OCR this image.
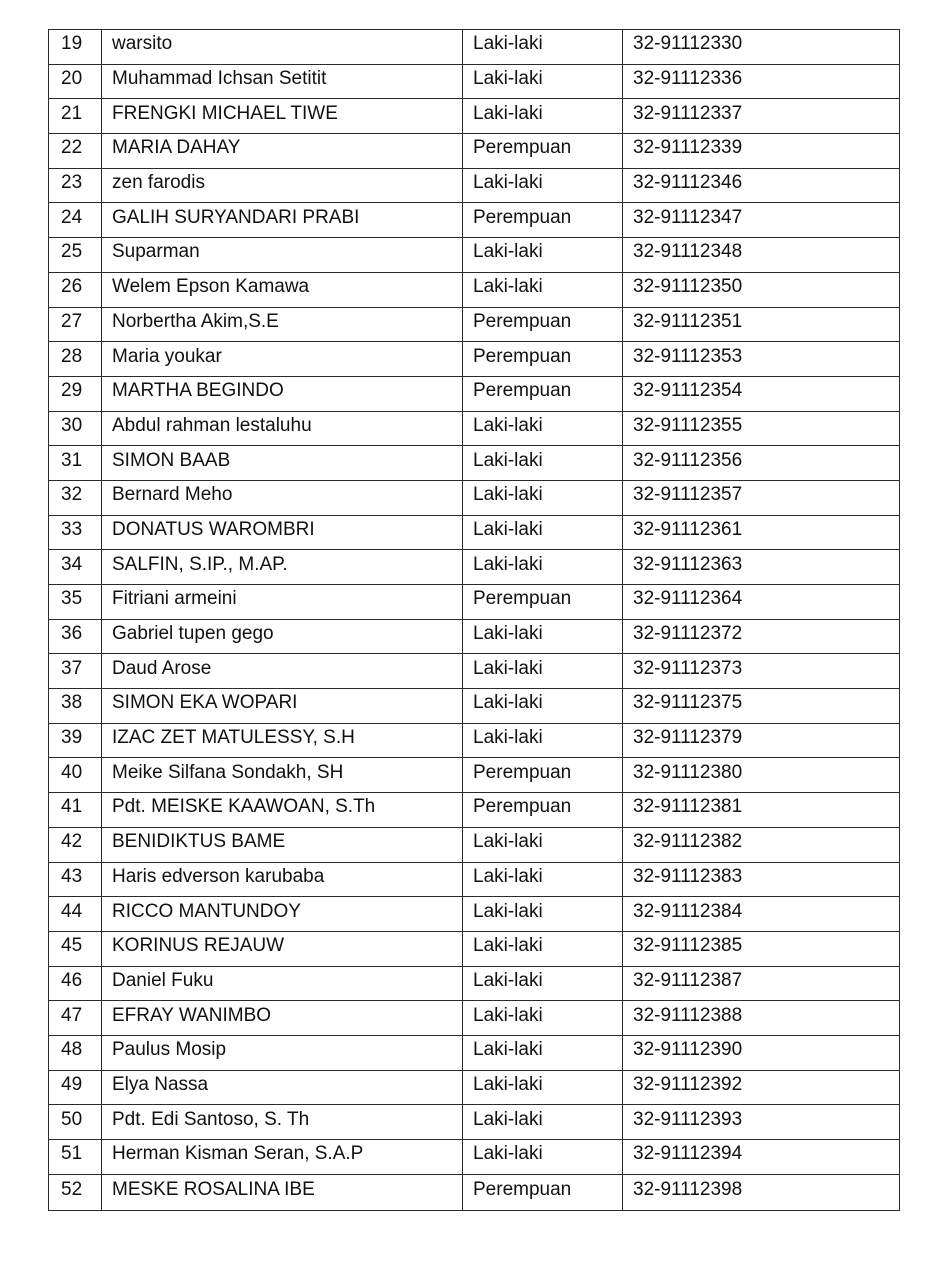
19	warsito	Laki-laki	32-91112330
20	Muhammad Ichsan Setitit	Laki-laki	32-91112336
21	FRENGKI MICHAEL TIWE	Laki-laki	32-91112337
22	MARIA DAHAY	Perempuan	32-91112339
23	zen farodis	Laki-laki	32-91112346
24	GALIH SURYANDARI PRABI	Perempuan	32-91112347
25	Suparman	Laki-laki	32-91112348
26	Welem Epson Kamawa	Laki-laki	32-91112350
27	Norbertha Akim,S.E	Perempuan	32-91112351
28	Maria youkar	Perempuan	32-91112353
29	MARTHA BEGINDO	Perempuan	32-91112354
30	Abdul rahman lestaluhu	Laki-laki	32-91112355
31	SIMON BAAB	Laki-laki	32-91112356
32	Bernard Meho	Laki-laki	32-91112357
33	DONATUS WAROMBRI	Laki-laki	32-91112361
34	SALFIN, S.IP., M.AP.	Laki-laki	32-91112363
35	Fitriani armeini	Perempuan	32-91112364
36	Gabriel tupen gego	Laki-laki	32-91112372
37	Daud Arose	Laki-laki	32-91112373
38	SIMON EKA WOPARI	Laki-laki	32-91112375
39	IZAC ZET MATULESSY, S.H	Laki-laki	32-91112379
40	Meike Silfana Sondakh, SH	Perempuan	32-91112380
41	Pdt. MEISKE KAAWOAN, S.Th	Perempuan	32-91112381
42	BENIDIKTUS BAME	Laki-laki	32-91112382
43	Haris edverson karubaba	Laki-laki	32-91112383
44	RICCO MANTUNDOY	Laki-laki	32-91112384
45	KORINUS REJAUW	Laki-laki	32-91112385
46	Daniel Fuku	Laki-laki	32-91112387
47	EFRAY WANIMBO	Laki-laki	32-91112388
48	Paulus Mosip	Laki-laki	32-91112390
49	Elya Nassa	Laki-laki	32-91112392
50	Pdt. Edi Santoso, S. Th	Laki-laki	32-91112393
51	Herman Kisman Seran, S.A.P	Laki-laki	32-91112394
52	MESKE ROSALINA IBE	Perempuan	32-91112398
